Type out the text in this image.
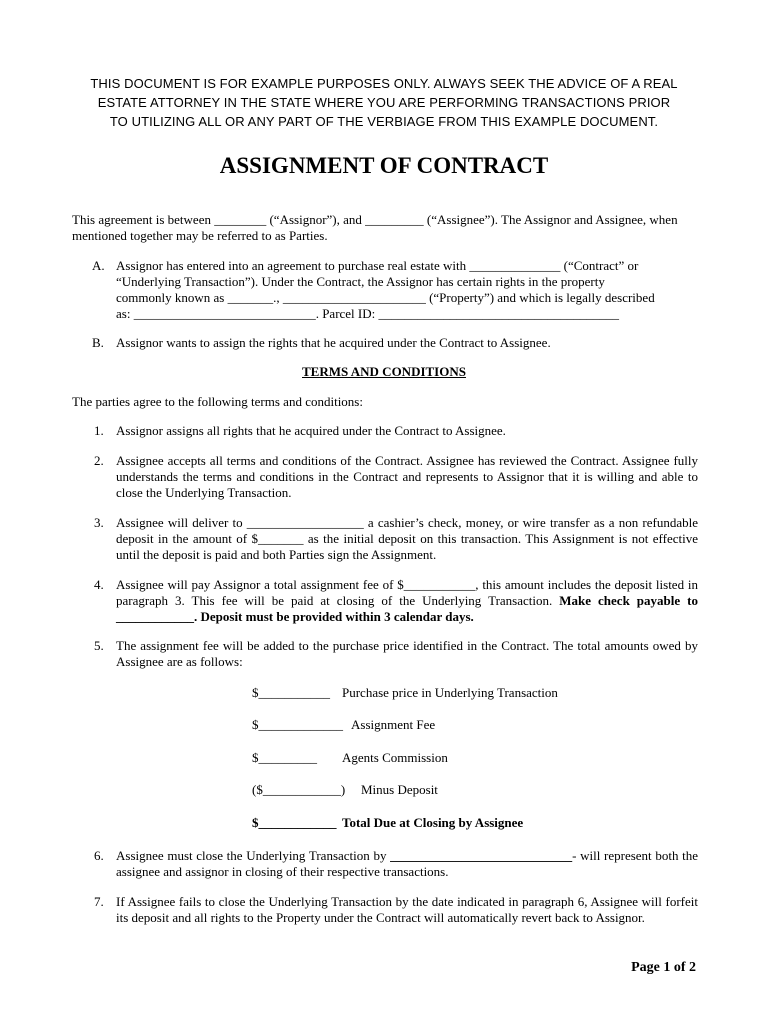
THIS DOCUMENT IS FOR EXAMPLE PURPOSES ONLY. ALWAYS SEEK THE ADVICE OF A REAL
ESTATE ATTORNEY IN THE STATE WHERE YOU ARE PERFORMING TRANSACTIONS PRIOR
TO UTILIZING ALL OR ANY PART OF THE VERBIAGE FROM THIS EXAMPLE DOCUMENT.
ASSIGNMENT OF CONTRACT
This agreement is between ________ (“Assignor”), and _________ (“Assignee”). The Assignor and Assignee, when mentioned together may be referred to as Parties.
A. Assignor has entered into an agreement to purchase real estate with ______________ (“Contract” or
“Underlying Transaction”). Under the Contract, the Assignor has certain rights in the property
commonly known as _______., ______________________ (“Property”) and which is legally described
as: ____________________________. Parcel ID: _____________________________________
B. Assignor wants to assign the rights that he acquired under the Contract to Assignee.
TERMS AND CONDITIONS
The parties agree to the following terms and conditions:
1. Assignor assigns all rights that he acquired under the Contract to Assignee.
2. Assignee accepts all terms and conditions of the Contract. Assignee has reviewed the Contract. Assignee fully understands the terms and conditions in the Contract and represents to Assignor that it is willing and able to close the Underlying Transaction.
3. Assignee will deliver to __________________ a cashier’s check, money, or wire transfer as a non refundable deposit in the amount of $_______ as the initial deposit on this transaction. This Assignment is not effective until the deposit is paid and both Parties sign the Assignment.
4. Assignee will pay Assignor a total assignment fee of $___________, this amount includes the deposit listed in paragraph 3. This fee will be paid at closing of the Underlying Transaction. Make check payable to ____________. Deposit must be provided within 3 calendar days.
5. The assignment fee will be added to the purchase price identified in the Contract. The total amounts owed by Assignee are as follows:

$___________

Purchase price in Underlying Transaction

$_____________

Assignment Fee

$_________

Agents Commission

($____________)

Minus Deposit

$____________

Total Due at Closing by Assignee

6. Assignee must close the Underlying Transaction by ____________________________- will represent both the assignee and assignor in closing of their respective transactions.
7. If Assignee fails to close the Underlying Transaction by the date indicated in paragraph 6, Assignee will forfeit its deposit and all rights to the Property under the Contract will automatically revert back to Assignor.
Page 1 of 2
